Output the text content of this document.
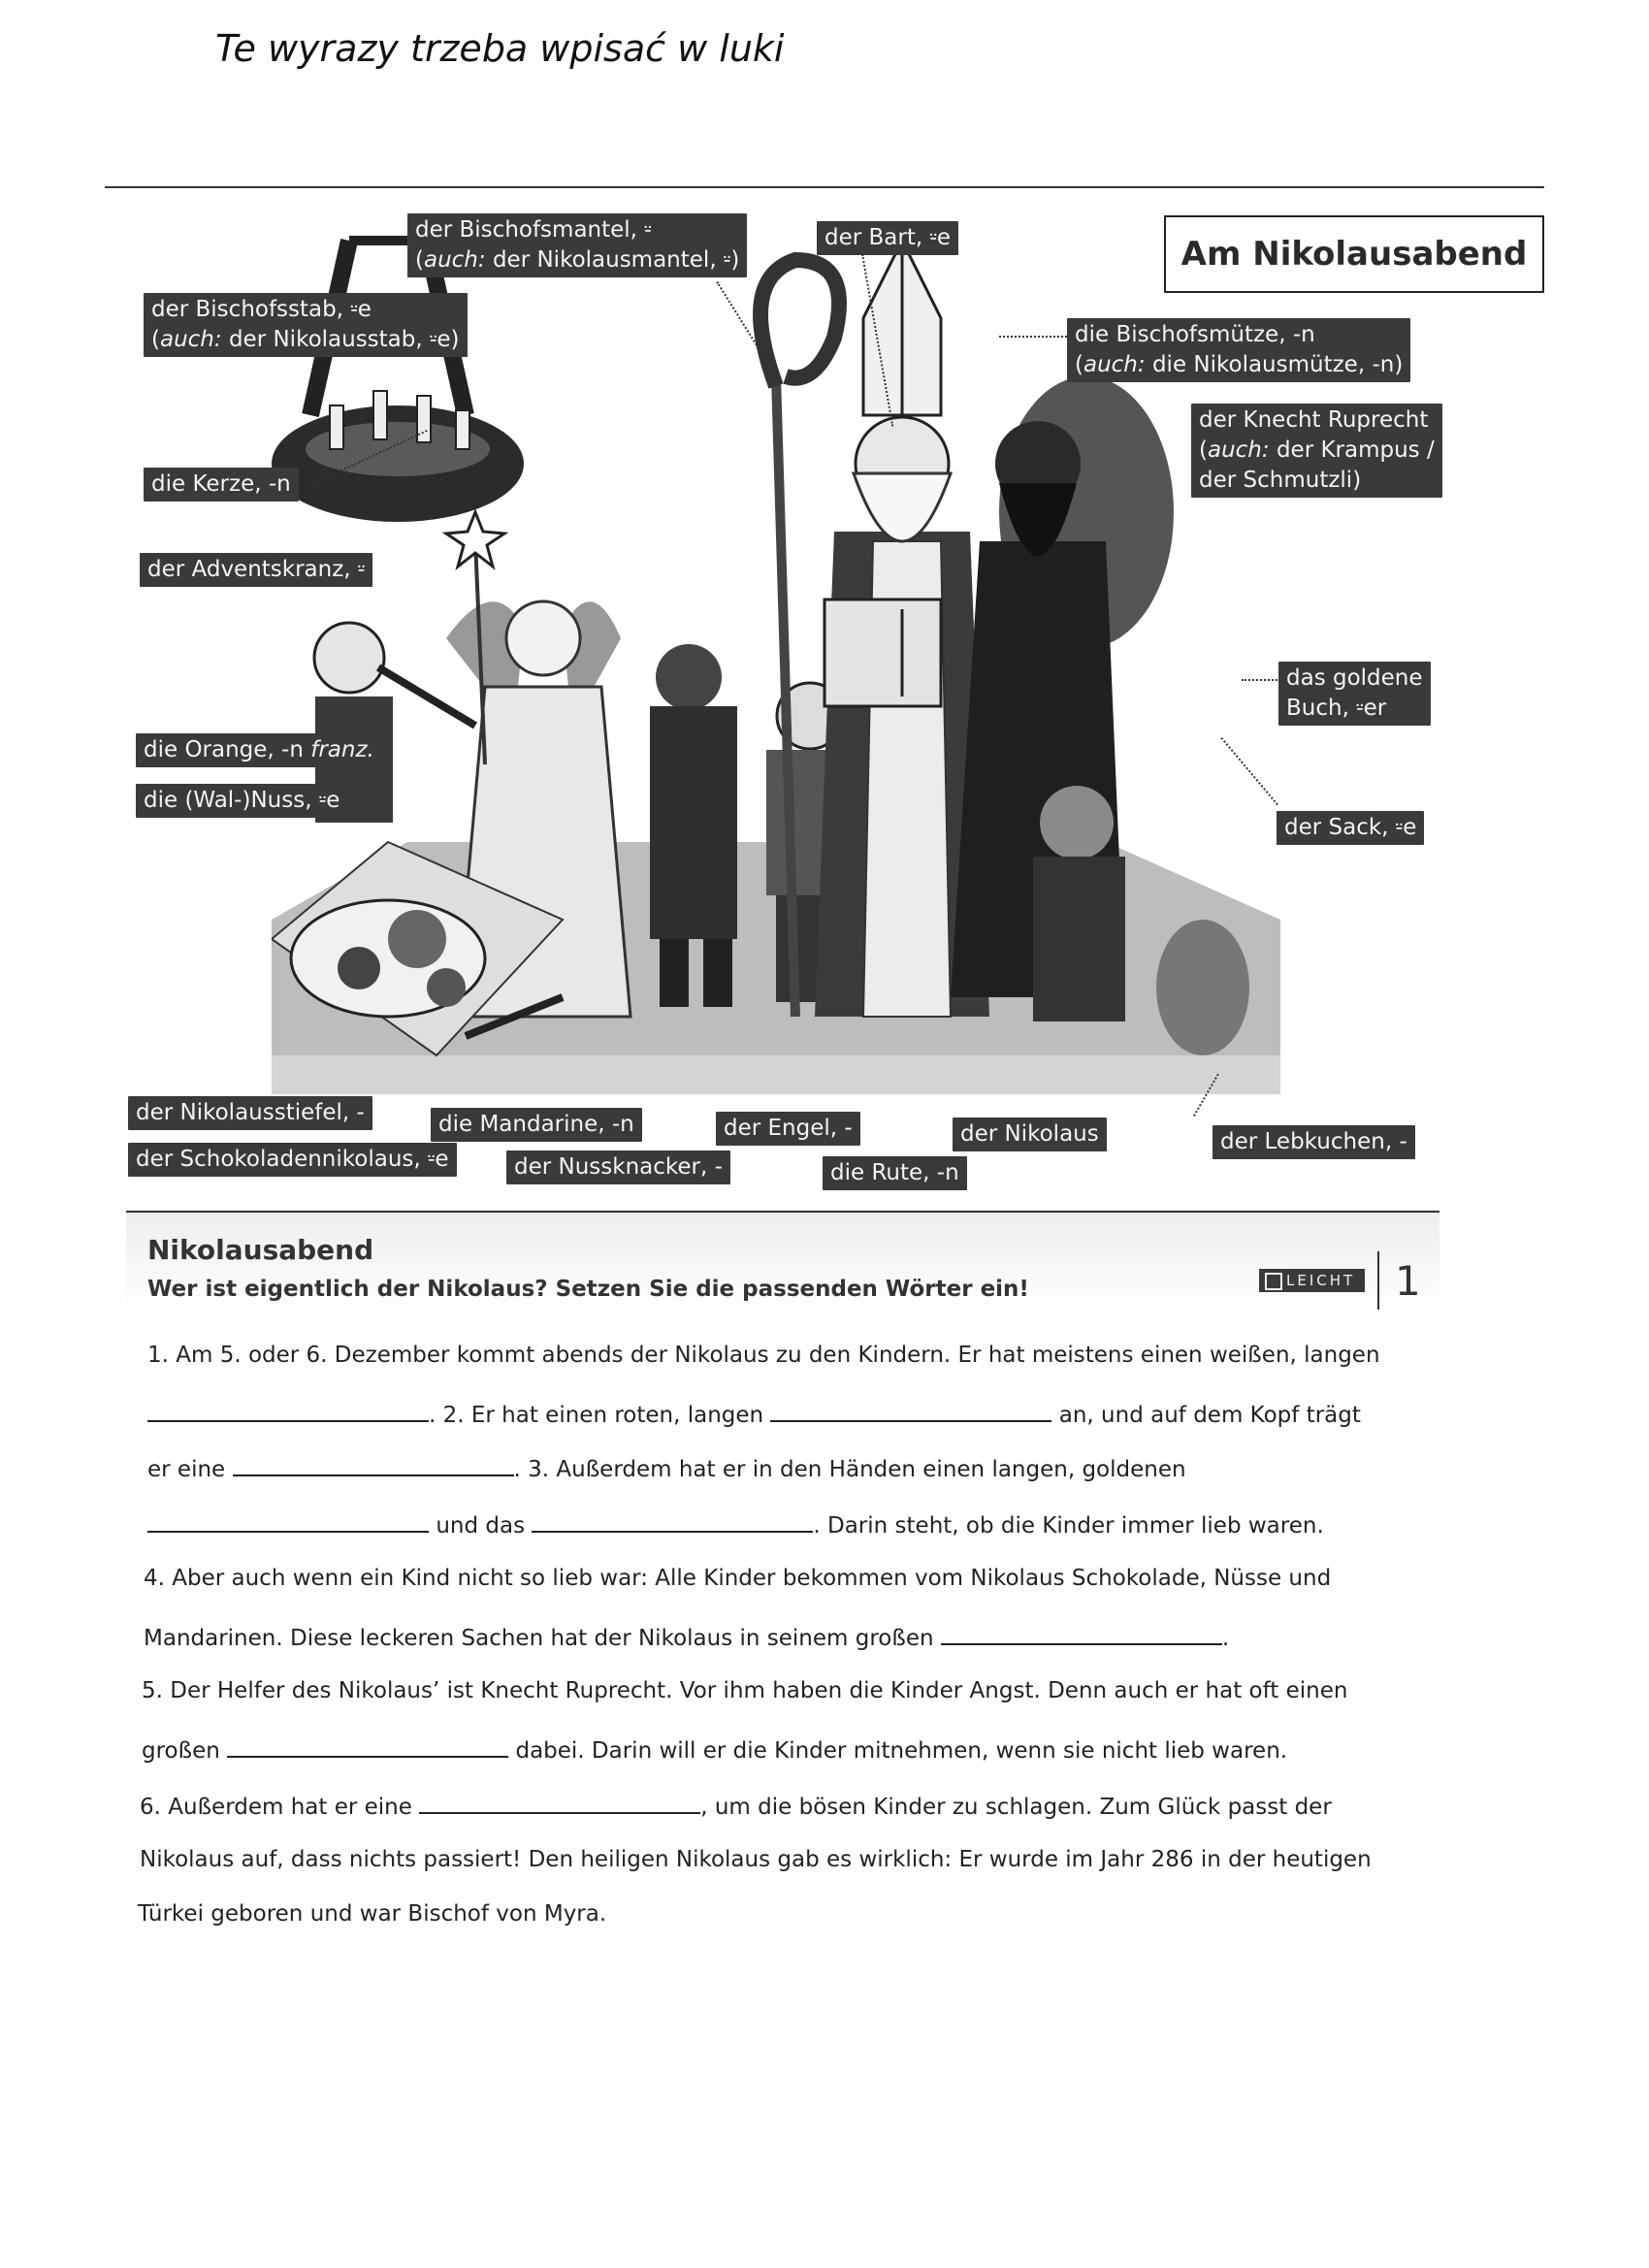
Te wyrazy trzeba wpisać w luki
Am Nikolausabend
der Bischofsmantel, ⸚
(auch: der Nikolausmantel, ⸚)
der Bart, ⸚e
der Bischofsstab, ⸚e
(auch: der Nikolausstab, ⸚e)	die Bischofsmütze, -n
(auch: die Nikolausmütze, -n)
der Knecht Ruprecht
(auch: der Krampus /
der Schmutzli)
die Kerze, -n
der Adventskranz, ⸚
das goldene
Buch, ⸚er
die Orange, -n franz.
die (Wal-)Nuss, ⸚e
der Sack, ⸚e
der Nikolausstiefel, -	die Mandarine, -n	der Engel, -	der Nikolaus	der Lebkuchen, -
der Schokoladennikolaus, ⸚e	der Nussknacker, -	die Rute, -n
Nikolausabend
Wer ist eigentlich der Nikolaus? Setzen Sie die passenden Wörter ein!	LEICHT 1
1. Am 5. oder 6. Dezember kommt abends der Nikolaus zu den Kindern. Er hat meistens einen weißen, langen
. 2. Er hat einen roten, langen	an, und auf dem Kopf trägt
er eine	. 3. Außerdem hat er in den Händen einen langen, goldenen
und das	. Darin steht, ob die Kinder immer lieb waren.
4. Aber auch wenn ein Kind nicht so lieb war: Alle Kinder bekommen vom Nikolaus Schokolade, Nüsse und
Mandarinen. Diese leckeren Sachen hat der Nikolaus in seinem großen	.
5. Der Helfer des Nikolaus’ ist Knecht Ruprecht. Vor ihm haben die Kinder Angst. Denn auch er hat oft einen
großen	dabei. Darin will er die Kinder mitnehmen, wenn sie nicht lieb waren.
6. Außerdem hat er eine	, um die bösen Kinder zu schlagen. Zum Glück passt der
Nikolaus auf, dass nichts passiert! Den heiligen Nikolaus gab es wirklich: Er wurde im Jahr 286 in der heutigen
Türkei geboren und war Bischof von Myra.
